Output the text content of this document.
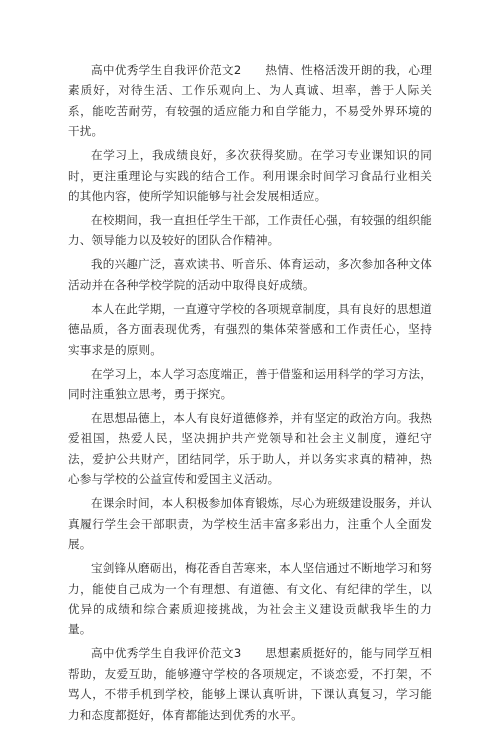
高中优秀学生自我评价范文2　　热情、性格活泼开朗的我，心理素质好，对待生活、工作乐观向上、为人真诚、坦率，善于人际关系，能吃苦耐劳，有较强的适应能力和自学能力，不易受外界环境的干扰。

在学习上，我成绩良好，多次获得奖励。在学习专业课知识的同时，更注重理论与实践的结合工作。利用课余时间学习食品行业相关的其他内容，使所学知识能够与社会发展相适应。

在校期间，我一直担任学生干部，工作责任心强，有较强的组织能力、领导能力以及较好的团队合作精神。

我的兴趣广泛，喜欢读书、听音乐、体育运动，多次参加各种文体活动并在各种学校学院的活动中取得良好成绩。

本人在此学期，一直遵守学校的各项规章制度，具有良好的思想道德品质，各方面表现优秀，有强烈的集体荣誉感和工作责任心，坚持实事求是的原则。

在学习上，本人学习态度端正，善于借鉴和运用科学的学习方法，同时注重独立思考，勇于探究。

在思想品德上，本人有良好道德修养，并有坚定的政治方向。我热爱祖国，热爱人民，坚决拥护共产党领导和社会主义制度，遵纪守法，爱护公共财产，团结同学，乐于助人，并以务实求真的精神，热心参与学校的公益宣传和爱国主义活动。

在课余时间，本人积极参加体育锻炼，尽心为班级建设服务，并认真履行学生会干部职责，为学校生活丰富多彩出力，注重个人全面发展。

宝剑锋从磨砺出，梅花香自苦寒来，本人坚信通过不断地学习和努力，能使自己成为一个有理想、有道德、有文化、有纪律的学生，以优异的成绩和综合素质迎接挑战，为社会主义建设贡献我毕生的力量。

高中优秀学生自我评价范文3　　思想素质挺好的，能与同学互相帮助，友爱互助，能够遵守学校的各项规定，不谈恋爱，不打架，不骂人，不带手机到学校，能够上课认真听讲，下课认真复习，学习能力和态度都挺好，体育都能达到优秀的水平。
